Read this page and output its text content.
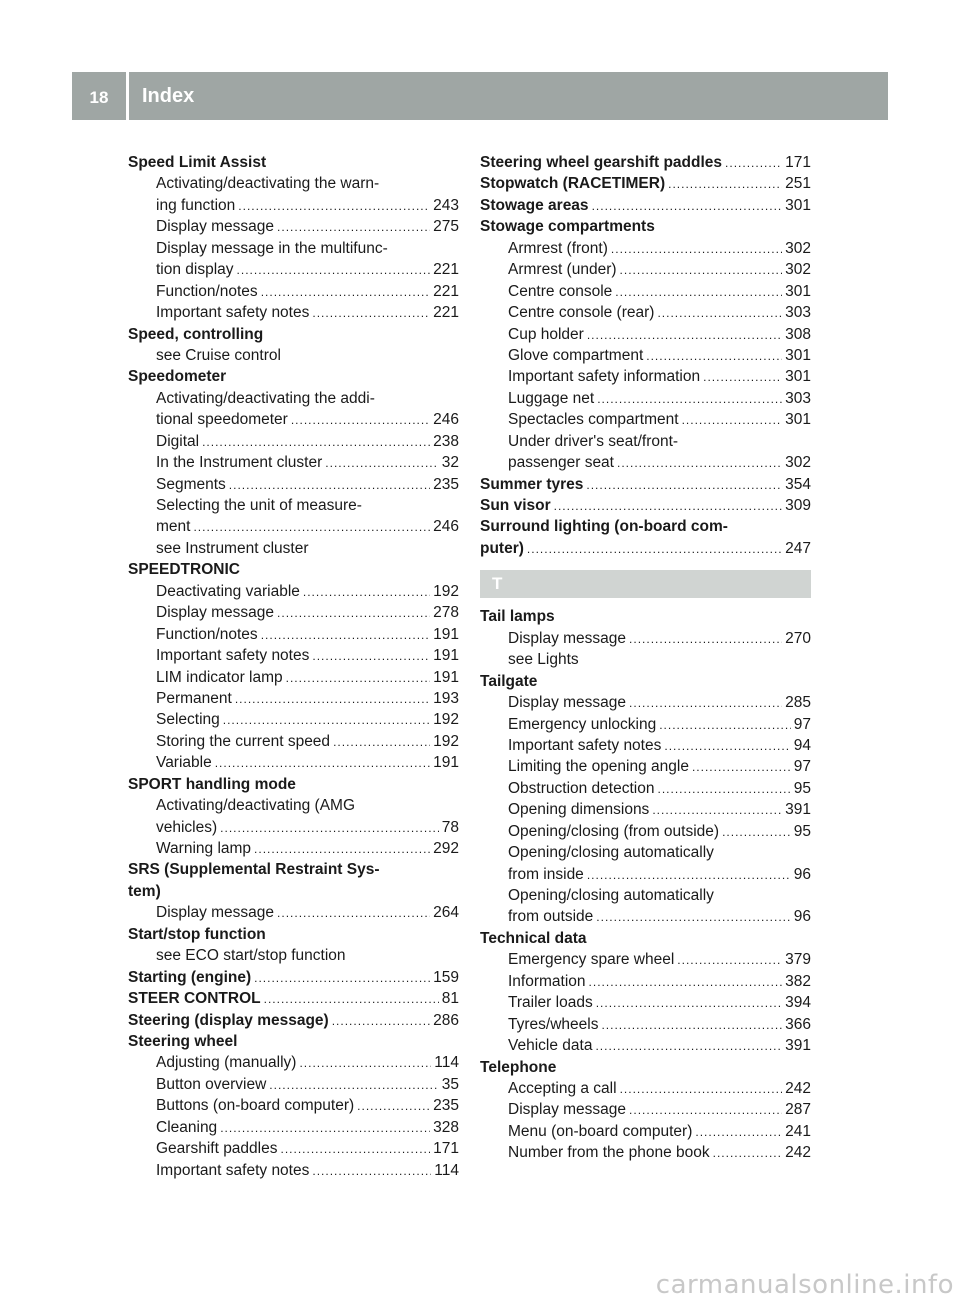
18	Index
Speed Limit Assist
Activating/deactivating the warn-
ing function .....	243
Display message .....	275
Display message in the multifunc-
tion display .....	221
Function/notes .....	221
Important safety notes .....	221
Speed, controlling
see Cruise control
Speedometer
Activating/deactivating the addi-
tional speedometer .....	246
Digital .....	238
In the Instrument cluster .....	32
Segments .....	235
Selecting the unit of measure-
ment .....	246
see Instrument cluster
SPEEDTRONIC
Deactivating variable .....	192
Display message .....	278
Function/notes .....	191
Important safety notes .....	191
LIM indicator lamp .....	191
Permanent .....	193
Selecting .....	192
Storing the current speed .....	192
Variable .....	191
SPORT handling mode
Activating/deactivating (AMG
vehicles) .....	78
Warning lamp .....	292
SRS (Supplemental Restraint Sys-
tem)
Display message .....	264
Start/stop function
see ECO start/stop function
Starting (engine) .....	159
STEER CONTROL .....	81
Steering (display message) .....	286
Steering wheel
Adjusting (manually) .....	114
Button overview .....	35
Buttons (on-board computer) .....	235
Cleaning .....	328
Gearshift paddles .....	171
Important safety notes .....	114
Steering wheel gearshift paddles .....	171
Stopwatch (RACETIMER) .....	251
Stowage areas .....	301
Stowage compartments
Armrest (front) .....	302
Armrest (under) .....	302
Centre console .....	301
Centre console (rear) .....	303
Cup holder .....	308
Glove compartment .....	301
Important safety information .....	301
Luggage net .....	303
Spectacles compartment .....	301
Under driver's seat/front-
passenger seat .....	302
Summer tyres .....	354
Sun visor .....	309
Surround lighting (on-board com-
puter) .....	247
T
Tail lamps
Display message .....	270
see Lights
Tailgate
Display message .....	285
Emergency unlocking .....	97
Important safety notes .....	94
Limiting the opening angle .....	97
Obstruction detection .....	95
Opening dimensions .....	391
Opening/closing (from outside) .....	95
Opening/closing automatically
from inside .....	96
Opening/closing automatically
from outside .....	96
Technical data
Emergency spare wheel .....	379
Information .....	382
Trailer loads .....	394
Tyres/wheels .....	366
Vehicle data .....	391
Telephone
Accepting a call .....	242
Display message .....	287
Menu (on-board computer) .....	241
Number from the phone book .....	242
carmanualsonline.info
